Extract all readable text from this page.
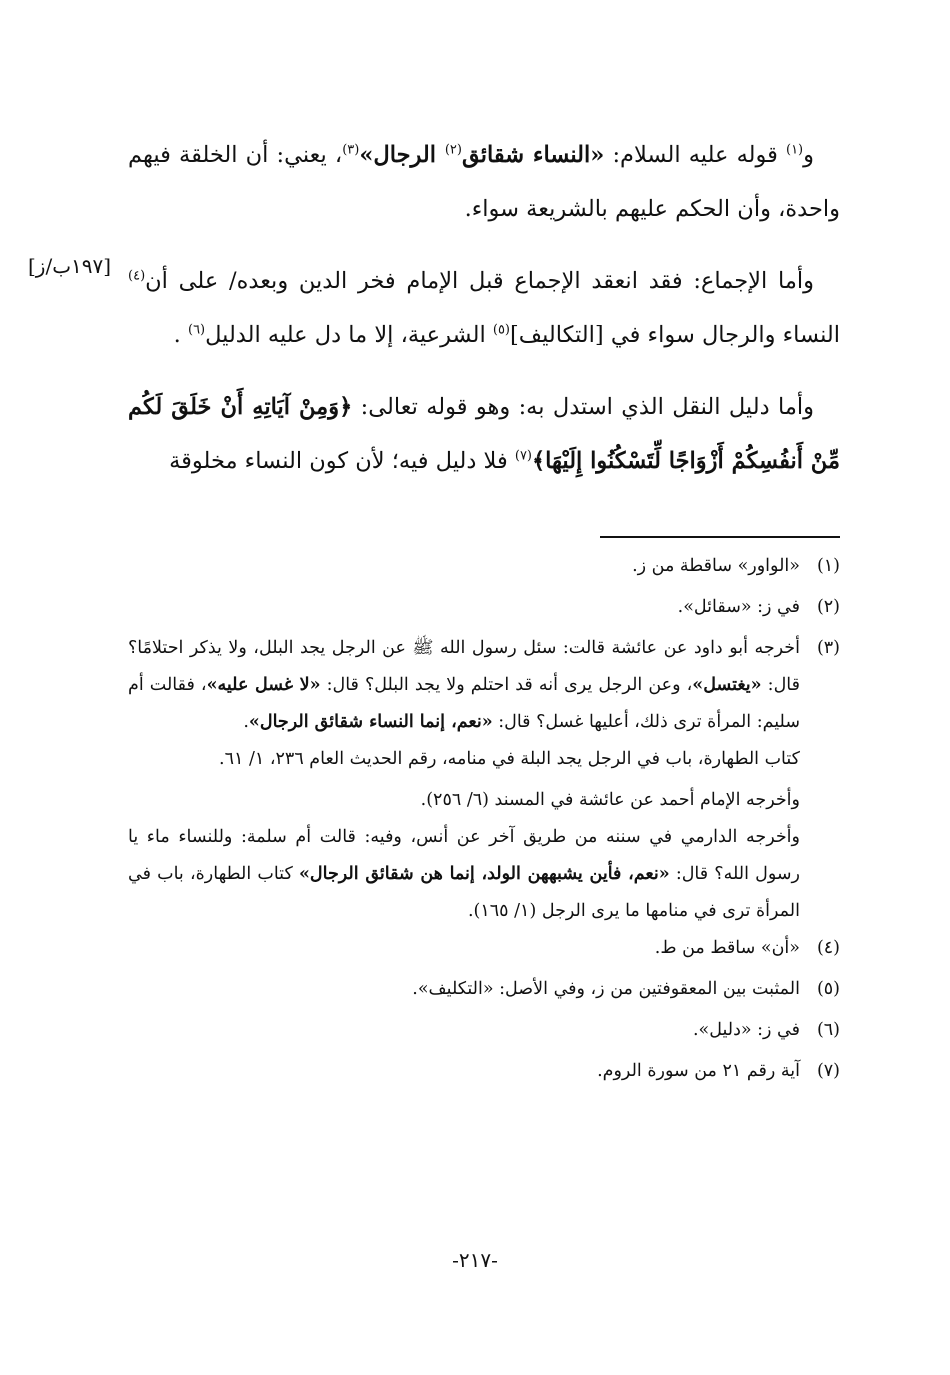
[١٩٧ب/ز]

و$^{(١)}$ قوله عليه السلام: «النساء شقائق$^{(٢)}$ الرجال»$^{(٣)}$، يعني: أن الخلقة فيهم واحدة، وأن الحكم عليهم بالشريعة سواء.

وأما الإجماع: فقد انعقد الإجماع قبل الإمام فخر الدين وبعده/ على أن$^{(٤)}$ النساء والرجال سواء في [التكاليف]$^{(٥)}$ الشرعية، إلا ما دل عليه الدليل$^{(٦)}$ .

وأما دليل النقل الذي استدل به: وهو قوله تعالى: ﴿وَمِنْ آيَاتِهِ أَنْ خَلَقَ لَكُم مِّنْ أَنفُسِكُمْ أَزْوَاجًا لِّتَسْكُنُوا إِلَيْهَا﴾$^{(٧)}$ فلا دليل فيه؛ لأن كون النساء مخلوقة

(١)
«الواور» ساقطة من ز.
(٢)
في ز: «سقائل».
(٣)

أخرجه أبو داود عن عائشة قالت: سئل رسول الله ﷺ عن الرجل يجد البلل، ولا يذكر احتلامًا؟ قال: «يغتسل»، وعن الرجل يرى أنه قد احتلم ولا يجد البلل؟ قال: «لا غسل عليه»، فقالت أم سليم: المرأة ترى ذلك، أعليها غسل؟ قال: «نعم، إنما النساء شقائق الرجال».

كتاب الطهارة، باب في الرجل يجد البلة في منامه، رقم الحديث العام ٢٣٦، ١/ ٦١.

وأخرجه الإمام أحمد عن عائشة في المسند (٦/ ٢٥٦).

وأخرجه الدارمي في سننه من طريق آخر عن أنس، وفيه: قالت أم سلمة: وللنساء ماء يا رسول الله؟ قال: «نعم، فأين يشبههن الولد، إنما هن شقائق الرجال» كتاب الطهارة، باب في المرأة ترى في منامها ما يرى الرجل (١/ ١٦٥).

(٤)
«أن» ساقط من ط.
(٥)
المثبت بين المعقوفتين من ز، وفي الأصل: «التكليف».
(٦)
في ز: «دليل».
(٧)
آية رقم ٢١ من سورة الروم.
-٢١٧-
